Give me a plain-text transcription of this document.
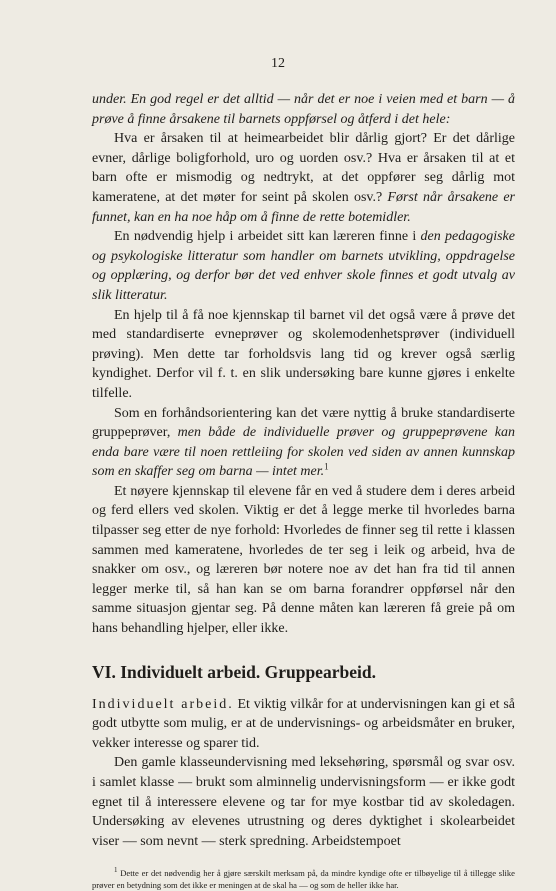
12

under. En god regel er det alltid — når det er noe i veien med et barn — å prøve å finne årsakene til barnets oppførsel og åtferd i det hele:

Hva er årsaken til at heimearbeidet blir dårlig gjort? Er det dårlige evner, dårlige boligforhold, uro og uorden osv.? Hva er årsaken til at et barn ofte er mismodig og nedtrykt, at det oppfører seg dårlig mot kameratene, at det møter for seint på skolen osv.? Først når årsakene er funnet, kan en ha noe håp om å finne de rette botemidler.

En nødvendig hjelp i arbeidet sitt kan læreren finne i den pedagogiske og psykologiske litteratur som handler om barnets utvikling, oppdragelse og opplæring, og derfor bør det ved enhver skole finnes et godt utvalg av slik litteratur.

En hjelp til å få noe kjennskap til barnet vil det også være å prøve det med standardiserte evneprøver og skolemodenhetsprøver (individuell prøving). Men dette tar forholdsvis lang tid og krever også særlig kyndighet. Derfor vil f. t. en slik undersøking bare kunne gjøres i enkelte tilfelle.

Som en forhåndsorientering kan det være nyttig å bruke standardiserte gruppeprøver, men både de individuelle prøver og gruppeprøvene kan enda bare være til noen rettleiing for skolen ved siden av annen kunnskap som en skaffer seg om barna — intet mer.$^1$

Et nøyere kjennskap til elevene får en ved å studere dem i deres arbeid og ferd ellers ved skolen. Viktig er det å legge merke til hvorledes barna tilpasser seg etter de nye forhold: Hvorledes de finner seg til rette i klassen sammen med kameratene, hvorledes de ter seg i leik og arbeid, hva de snakker om osv., og læreren bør notere noe av det han fra tid til annen legger merke til, så han kan se om barna forandrer oppførsel når den samme situasjon gjentar seg. På denne måten kan læreren få greie på om hans behandling hjelper, eller ikke.

VI. Individuelt arbeid. Gruppearbeid.

Individuelt arbeid. Et viktig vilkår for at undervisningen kan gi et så godt utbytte som mulig, er at de undervisnings- og arbeidsmåter en bruker, vekker interesse og sparer tid.

Den gamle klasseundervisning med leksehøring, spørsmål og svar osv. i samlet klasse — brukt som alminnelig undervisningsform — er ikke godt egnet til å interessere elevene og tar for mye kostbar tid av skoledagen. Undersøking av elevenes utrustning og deres dyktighet i skolearbeidet viser — som nevnt — sterk spredning. Arbeidstempoet

$^1$ Dette er det nødvendig her å gjøre særskilt merksam på, da mindre kyndige ofte er tilbøyelige til å tillegge slike prøver en betydning som det ikke er meningen at de skal ha — og som de heller ikke har.
